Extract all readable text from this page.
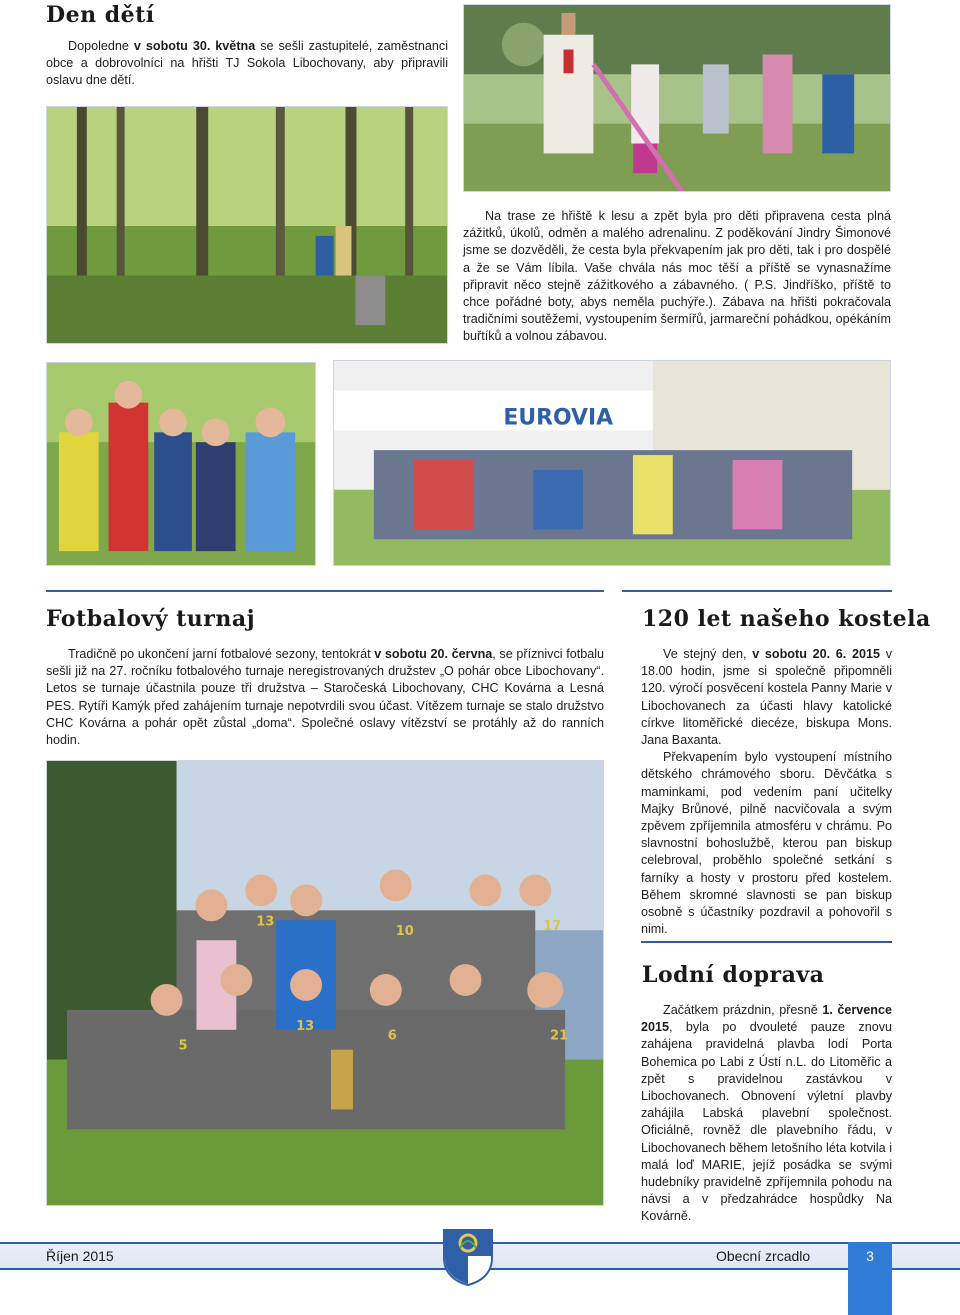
Den dětí

Dopoledne v sobotu 30. května se sešli zastupitelé, zaměstnanci obce a dobrovolníci na hřišti TJ Sokola Libochovany, aby připravili oslavu dne dětí.

Na trase ze hřiště k lesu a zpět byla pro děti připravena cesta plná zážitků, úkolů, odměn a malého adrenalinu. Z poděkování Jindry Šimonové jsme se dozvěděli, že cesta byla překvapením jak pro děti, tak i pro dospělé a že se Vám líbila. Vaše chvála nás moc těší a příště se vynasnažíme připravit něco stejně zážitkového a zábavného. ( P.S. Jindříško, příště to chce pořádné boty, abys neměla puchýře.). Zábava na hřišti pokračovala tradičními soutěžemi, vystoupením šermířů, jarmareční pohádkou, opékáním buřtíků a volnou zábavou.

EUROVIA
Fotbalový turnaj

Tradičně po ukončení jarní fotbalové sezony, tentokrát v sobotu 20. června, se příznivci fotbalu sešli již na 27. ročníku fotbalového turnaje neregistrovaných družstev „O pohár obce Libochovany“. Letos se turnaje účastnila pouze tři družstva – Staročeská Libochovany, CHC Kovárna a Lesná PES. Rytíři Kamýk před zahájením turnaje nepotvrdili svou účast. Vítězem turnaje se stalo družstvo CHC Kovárna a pohár opět zůstal „doma“. Společné oslavy vítězství se protáhly až do ranních hodin.

13
10	17
5
13
6	21
120 let našeho kostela

Ve stejný den, v sobotu 20. 6. 2015 v 18.00 hodin, jsme si společně připomněli 120. výročí posvěcení kostela Panny Marie v Libochovanech za účasti hlavy katolické církve litoměřické diecéze, biskupa Mons. Jana Baxanta.

Překvapením bylo vystoupení místního dětského chrámového sboru. Děvčátka s maminkami, pod vedením paní učitelky Majky Brůnové, pilně nacvičovala a svým zpěvem zpříjemnila atmosféru v chrámu. Po slavnostní bohoslužbě, kterou pan biskup celebroval, proběhlo společné setkání s farníky a hosty v prostoru před kostelem. Během skromné slavnosti se pan biskup osobně s účastníky pozdravil a pohovořil s nimi.

Lodní doprava

Začátkem prázdnin, přesně 1. července 2015, byla po dvouleté pauze znovu zahájena pravidelná plavba lodí Porta Bohemica po Labi z Ústí n.L. do Litoměřic a zpět s pravidelnou zastávkou v Libochovanech. Obnovení výletní plavby zahájila Labská plavební společnost. Oficiálně, rovněž dle plavebního řádu, v Libochovanech během letošního léta kotvila i malá loď MARIE, jejíž posádka se svými hudebníky pravidelně zpříjemnila pohodu na návsi a v předzahrádce hospůdky Na Kovárně.

Říjen 2015	Obecní zrcadlo	3
